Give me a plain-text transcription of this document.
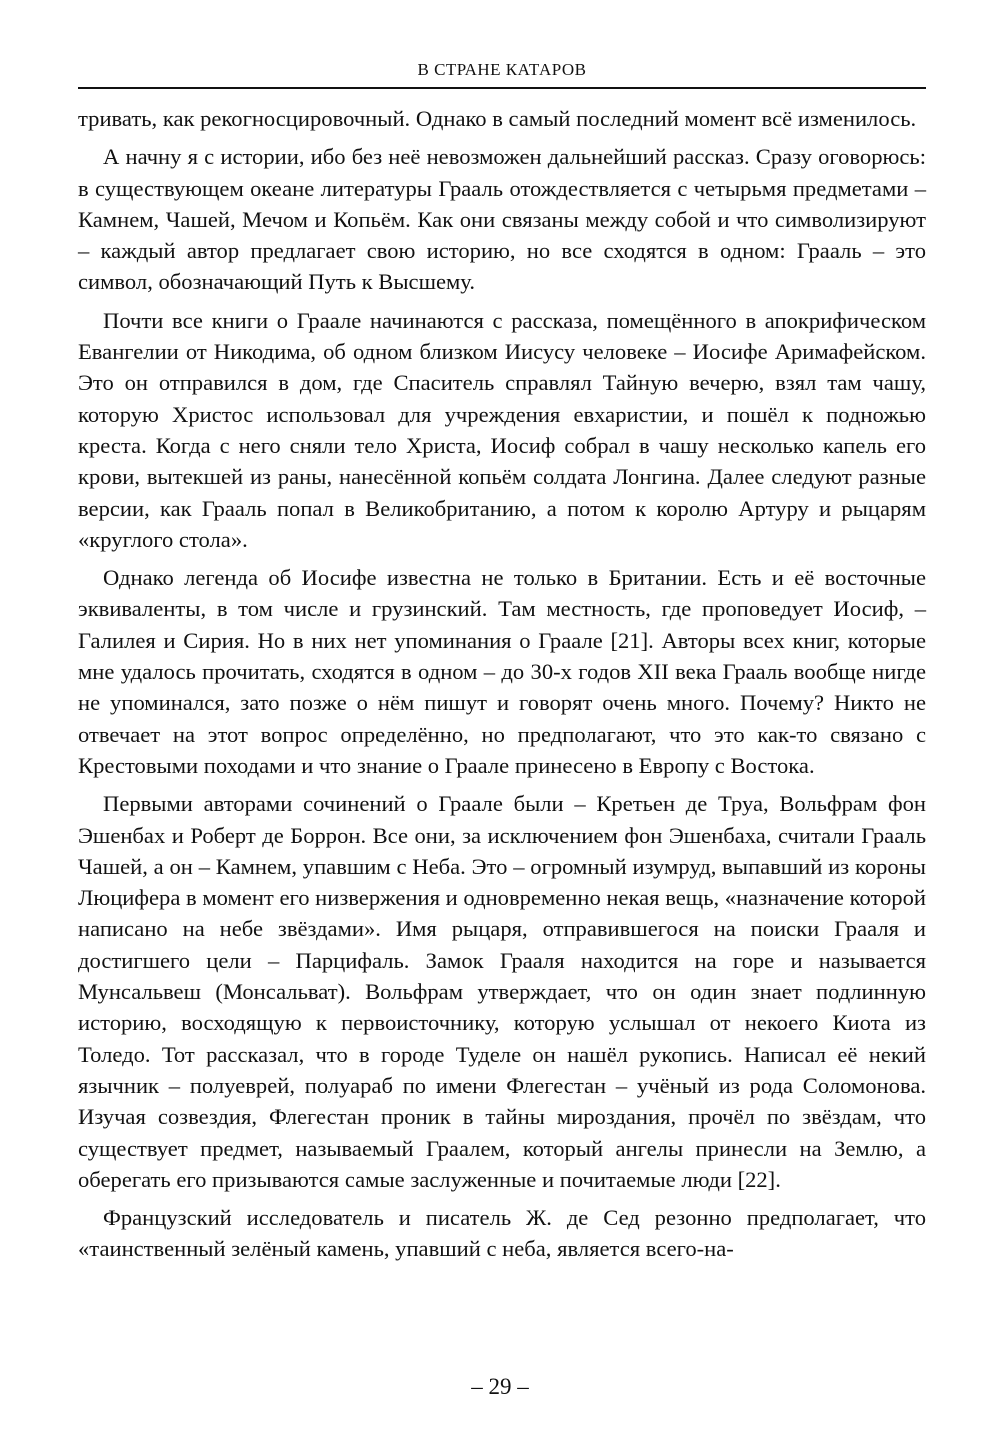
В СТРАНЕ КАТАРОВ

тривать, как рекогносцировочный. Однако в самый последний момент всё изменилось.

А начну я с истории, ибо без неё невозможен дальнейший рассказ. Сразу оговорюсь: в существующем океане литературы Грааль отождествляется с четырьмя предметами – Камнем, Чашей, Мечом и Копьём. Как они связаны между собой и что символизируют – каждый автор предлагает свою историю, но все сходятся в одном: Грааль – это символ, обозначающий Путь к Высшему.

Почти все книги о Граале начинаются с рассказа, помещённого в апокрифическом Евангелии от Никодима, об одном близком Иисусу человеке – Иосифе Аримафейском. Это он отправился в дом, где Спаситель справлял Тайную вечерю, взял там чашу, которую Христос использовал для учреждения евхаристии, и пошёл к подножью креста. Когда с него сняли тело Христа, Иосиф собрал в чашу несколько капель его крови, вытекшей из раны, нанесённой копьём солдата Лонгина. Далее следуют разные версии, как Грааль попал в Великобританию, а потом к королю Артуру и рыцарям «круглого стола».

Однако легенда об Иосифе известна не только в Британии. Есть и её восточные эквиваленты, в том числе и грузинский. Там местность, где проповедует Иосиф, – Галилея и Сирия. Но в них нет упоминания о Граале [21]. Авторы всех книг, которые мне удалось прочитать, сходятся в одном – до 30-х годов XII века Грааль вообще нигде не упоминался, зато позже о нём пишут и говорят очень много. Почему? Никто не отвечает на этот вопрос определённо, но предполагают, что это как-то связано с Крестовыми походами и что знание о Граале принесено в Европу с Востока.

Первыми авторами сочинений о Граале были – Кретьен де Труа, Вольфрам фон Эшенбах и Роберт де Боррон. Все они, за исключением фон Эшенбаха, считали Грааль Чашей, а он – Камнем, упавшим с Неба. Это – огромный изумруд, выпавший из короны Люцифера в момент его низвержения и одновременно некая вещь, «назначение которой написано на небе звёздами». Имя рыцаря, отправившегося на поиски Грааля и достигшего цели – Парцифаль. Замок Грааля находится на горе и называется Мунсальвеш (Монсальват). Вольфрам утверждает, что он один знает подлинную историю, восходящую к первоисточнику, которую услышал от некоего Киота из Толедо. Тот рассказал, что в городе Туделе он нашёл рукопись. Написал её некий язычник – полуеврей, полуараб по имени Флегестан – учёный из рода Соломонова. Изучая созвездия, Флегестан проник в тайны мироздания, прочёл по звёздам, что существует предмет, называемый Граалем, который ангелы принесли на Землю, а оберегать его призываются самые заслуженные и почитаемые люди [22].

Французский исследователь и писатель Ж. де Сед резонно предполагает, что «таинственный зелёный камень, упавший с неба, является всего-на-

– 29 –
